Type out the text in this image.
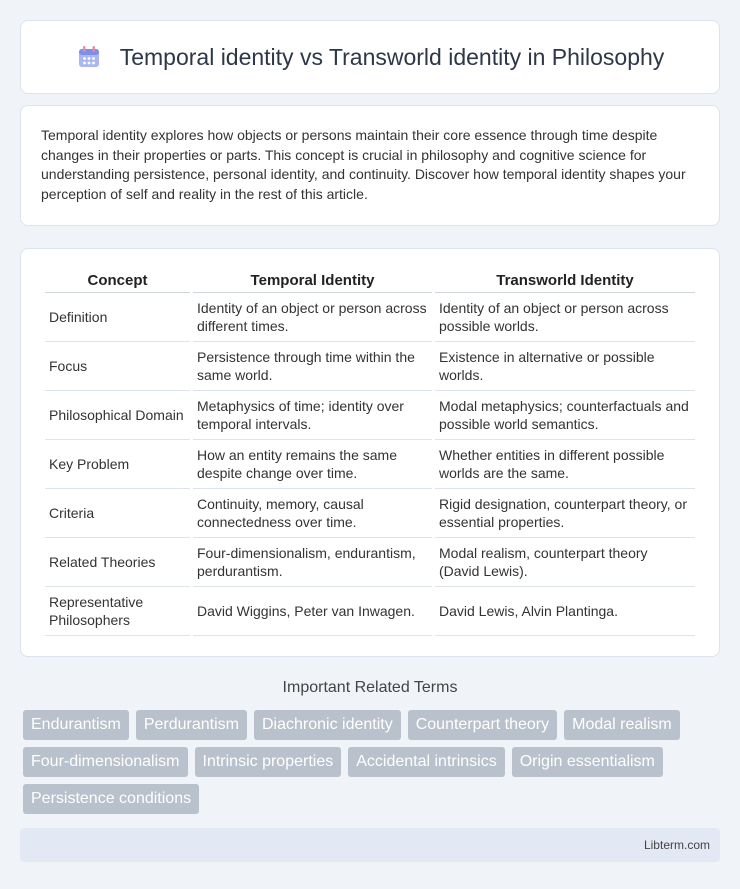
Temporal identity vs Transworld identity in Philosophy

Temporal identity explores how objects or persons maintain their core essence through time despite changes in their properties or parts. This concept is crucial in philosophy and cognitive science for understanding persistence, personal identity, and continuity. Discover how temporal identity shapes your perception of self and reality in the rest of this article.

Concept	Temporal Identity	Transworld Identity
Definition	Identity of an object or person across different times.	Identity of an object or person across possible worlds.
Focus	Persistence through time within the same world.	Existence in alternative or possible worlds.
Philosophical Domain	Metaphysics of time; identity over temporal intervals.	Modal metaphysics; counterfactuals and possible world semantics.
Key Problem	How an entity remains the same despite change over time.	Whether entities in different possible worlds are the same.
Criteria	Continuity, memory, causal connectedness over time.	Rigid designation, counterpart theory, or essential properties.
Related Theories	Four-dimensionalism, endurantism, perdurantism.	Modal realism, counterpart theory (David Lewis).
Representative Philosophers	David Wiggins, Peter van Inwagen.	David Lewis, Alvin Plantinga.
Important Related Terms
Endurantism	Perdurantism	Diachronic identity	Counterpart theory	Modal realism
Four-dimensionalism	Intrinsic properties	Accidental intrinsics	Origin essentialism
Persistence conditions
Libterm.com
